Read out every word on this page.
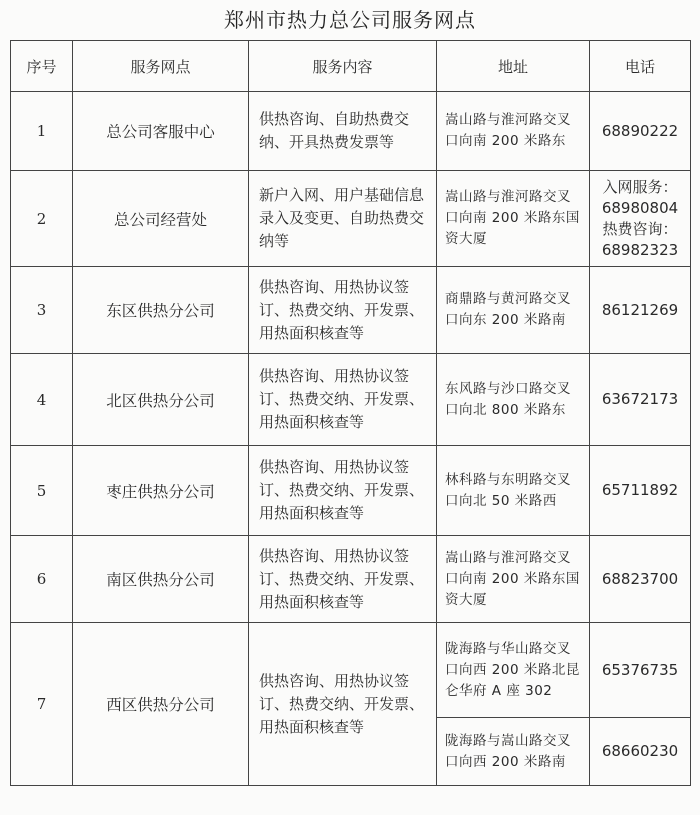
郑州市热力总公司服务网点
序号	服务网点	服务内容	地址	电话
1	总公司客服中心	供热咨询、自助热费交纳、开具热费发票等	嵩山路与淮河路交叉口向南 200 米路东	68890222
2	总公司经营处	新户入网、用户基础信息录入及变更、自助热费交纳等	嵩山路与淮河路交叉口向南 200 米路东国资大厦	入网服务：
68980804
热费咨询：
68982323

3	东区供热分公司	供热咨询、用热协议签订、热费交纳、开发票、用热面积核查等	商鼎路与黄河路交叉口向东 200 米路南	86121269
4	北区供热分公司	供热咨询、用热协议签订、热费交纳、开发票、用热面积核查等	东风路与沙口路交叉口向北 800 米路东	63672173
5	枣庄供热分公司	供热咨询、用热协议签订、热费交纳、开发票、用热面积核查等	林科路与东明路交叉口向北 50 米路西	65711892
6	南区供热分公司	供热咨询、用热协议签订、热费交纳、开发票、用热面积核查等	嵩山路与淮河路交叉口向南 200 米路东国资大厦	68823700
7	西区供热分公司	供热咨询、用热协议签订、热费交纳、开发票、用热面积核查等	陇海路与华山路交叉口向西 200 米路北昆仑华府 A 座 302	65376735
			陇海路与嵩山路交叉口向西 200 米路南	68660230
